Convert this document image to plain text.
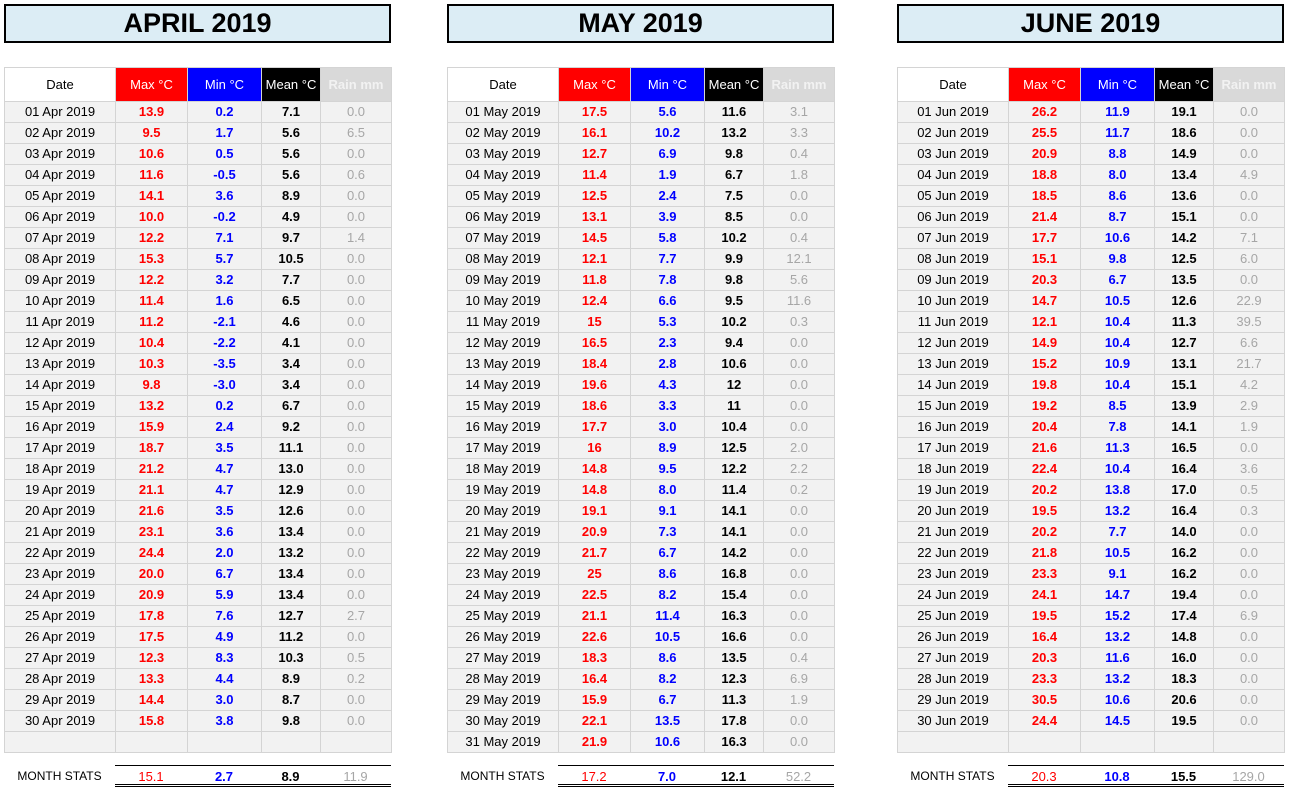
APRIL 2019
Date	Max °C	Min °C	Mean °C	Rain mm
01 Apr 2019	13.9	0.2	7.1	0.0
02 Apr 2019	9.5	1.7	5.6	6.5
03 Apr 2019	10.6	0.5	5.6	0.0
04 Apr 2019	11.6	-0.5	5.6	0.6
05 Apr 2019	14.1	3.6	8.9	0.0
06 Apr 2019	10.0	-0.2	4.9	0.0
07 Apr 2019	12.2	7.1	9.7	1.4
08 Apr 2019	15.3	5.7	10.5	0.0
09 Apr 2019	12.2	3.2	7.7	0.0
10 Apr 2019	11.4	1.6	6.5	0.0
11 Apr 2019	11.2	-2.1	4.6	0.0
12 Apr 2019	10.4	-2.2	4.1	0.0
13 Apr 2019	10.3	-3.5	3.4	0.0
14 Apr 2019	9.8	-3.0	3.4	0.0
15 Apr 2019	13.2	0.2	6.7	0.0
16 Apr 2019	15.9	2.4	9.2	0.0
17 Apr 2019	18.7	3.5	11.1	0.0
18 Apr 2019	21.2	4.7	13.0	0.0
19 Apr 2019	21.1	4.7	12.9	0.0
20 Apr 2019	21.6	3.5	12.6	0.0
21 Apr 2019	23.1	3.6	13.4	0.0
22 Apr 2019	24.4	2.0	13.2	0.0
23 Apr 2019	20.0	6.7	13.4	0.0
24 Apr 2019	20.9	5.9	13.4	0.0
25 Apr 2019	17.8	7.6	12.7	2.7
26 Apr 2019	17.5	4.9	11.2	0.0
27 Apr 2019	12.3	8.3	10.3	0.5
28 Apr 2019	13.3	4.4	8.9	0.2
29 Apr 2019	14.4	3.0	8.7	0.0
30 Apr 2019	15.8	3.8	9.8	0.0

MONTH STATS	15.1	2.7	8.9	11.9
MAY 2019
Date	Max °C	Min °C	Mean °C	Rain mm
01 May 2019	17.5	5.6	11.6	3.1
02 May 2019	16.1	10.2	13.2	3.3
03 May 2019	12.7	6.9	9.8	0.4
04 May 2019	11.4	1.9	6.7	1.8
05 May 2019	12.5	2.4	7.5	0.0
06 May 2019	13.1	3.9	8.5	0.0
07 May 2019	14.5	5.8	10.2	0.4
08 May 2019	12.1	7.7	9.9	12.1
09 May 2019	11.8	7.8	9.8	5.6
10 May 2019	12.4	6.6	9.5	11.6
11 May 2019	15	5.3	10.2	0.3
12 May 2019	16.5	2.3	9.4	0.0
13 May 2019	18.4	2.8	10.6	0.0
14 May 2019	19.6	4.3	12	0.0
15 May 2019	18.6	3.3	11	0.0
16 May 2019	17.7	3.0	10.4	0.0
17 May 2019	16	8.9	12.5	2.0
18 May 2019	14.8	9.5	12.2	2.2
19 May 2019	14.8	8.0	11.4	0.2
20 May 2019	19.1	9.1	14.1	0.0
21 May 2019	20.9	7.3	14.1	0.0
22 May 2019	21.7	6.7	14.2	0.0
23 May 2019	25	8.6	16.8	0.0
24 May 2019	22.5	8.2	15.4	0.0
25 May 2019	21.1	11.4	16.3	0.0
26 May 2019	22.6	10.5	16.6	0.0
27 May 2019	18.3	8.6	13.5	0.4
28 May 2019	16.4	8.2	12.3	6.9
29 May 2019	15.9	6.7	11.3	1.9
30 May 2019	22.1	13.5	17.8	0.0
31 May 2019	21.9	10.6	16.3	0.0
MONTH STATS	17.2	7.0	12.1	52.2
JUNE 2019
Date	Max °C	Min °C	Mean °C	Rain mm
01 Jun 2019	26.2	11.9	19.1	0.0
02 Jun 2019	25.5	11.7	18.6	0.0
03 Jun 2019	20.9	8.8	14.9	0.0
04 Jun 2019	18.8	8.0	13.4	4.9
05 Jun 2019	18.5	8.6	13.6	0.0
06 Jun 2019	21.4	8.7	15.1	0.0
07 Jun 2019	17.7	10.6	14.2	7.1
08 Jun 2019	15.1	9.8	12.5	6.0
09 Jun 2019	20.3	6.7	13.5	0.0
10 Jun 2019	14.7	10.5	12.6	22.9
11 Jun 2019	12.1	10.4	11.3	39.5
12 Jun 2019	14.9	10.4	12.7	6.6
13 Jun 2019	15.2	10.9	13.1	21.7
14 Jun 2019	19.8	10.4	15.1	4.2
15 Jun 2019	19.2	8.5	13.9	2.9
16 Jun 2019	20.4	7.8	14.1	1.9
17 Jun 2019	21.6	11.3	16.5	0.0
18 Jun 2019	22.4	10.4	16.4	3.6
19 Jun 2019	20.2	13.8	17.0	0.5
20 Jun 2019	19.5	13.2	16.4	0.3
21 Jun 2019	20.2	7.7	14.0	0.0
22 Jun 2019	21.8	10.5	16.2	0.0
23 Jun 2019	23.3	9.1	16.2	0.0
24 Jun 2019	24.1	14.7	19.4	0.0
25 Jun 2019	19.5	15.2	17.4	6.9
26 Jun 2019	16.4	13.2	14.8	0.0
27 Jun 2019	20.3	11.6	16.0	0.0
28 Jun 2019	23.3	13.2	18.3	0.0
29 Jun 2019	30.5	10.6	20.6	0.0
30 Jun 2019	24.4	14.5	19.5	0.0

MONTH STATS	20.3	10.8	15.5	129.0
